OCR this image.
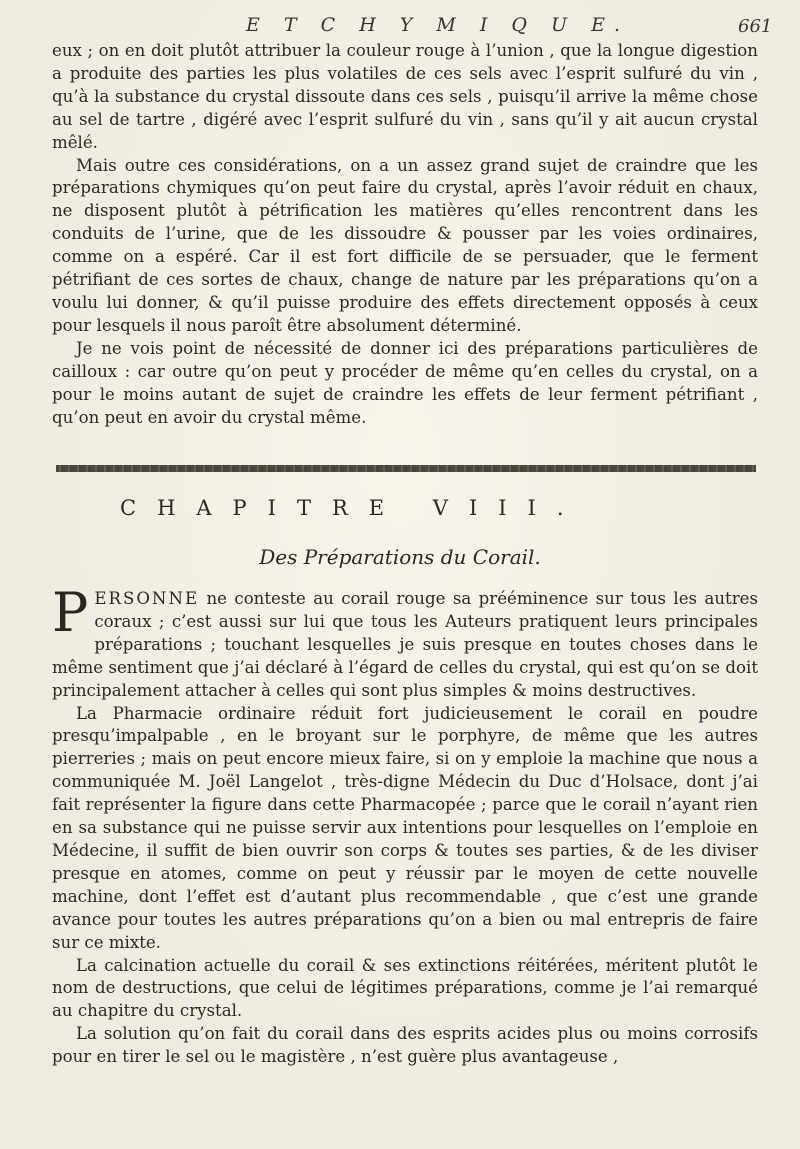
E T C H Y M I Q U E.	661

eux ; on en doit plutôt attribuer la couleur rouge à l’union , que la longue digestion a produite des parties les plus volatiles de ces sels avec l’esprit sulfuré du vin , qu’à la substance du crystal dissoute dans ces sels , puisqu’il arrive la même chose au sel de tartre , digéré avec l’esprit sulfuré du vin , sans qu’il y ait aucun crystal mêlé.

Mais outre ces considérations, on a un assez grand sujet de craindre que les préparations chymiques qu’on peut faire du crystal, après l’avoir réduit en chaux, ne disposent plutôt à pétrification les matières qu’elles rencontrent dans les conduits de l’urine, que de les dissoudre & pousser par les voies ordinaires, comme on a espéré. Car il est fort difficile de se persuader, que le ferment pétrifiant de ces sortes de chaux, change de nature par les préparations qu’on a voulu lui donner, & qu’il puisse produire des effets directement opposés à ceux pour lesquels il nous paroît être absolument déterminé.

Je ne vois point de nécessité de donner ici des préparations particulières de cailloux : car outre qu’on peut y procéder de même qu’en celles du crystal, on a pour le moins autant de sujet de craindre les effets de leur ferment pétrifiant , qu’on peut en avoir du crystal même.

CHAPITRE VIII.
Des Préparations du Corail.

PERSONNE ne conteste au corail rouge sa prééminence sur tous les autres coraux ; c’est aussi sur lui que tous les Auteurs pratiquent leurs principales préparations ; touchant lesquelles je suis presque en toutes choses dans le même sentiment que j’ai déclaré à l’égard de celles du crystal, qui est qu’on se doit principalement attacher à celles qui sont plus simples & moins destructives.

La Pharmacie ordinaire réduit fort judicieusement le corail en poudre presqu’impalpable , en le broyant sur le porphyre, de même que les autres pierreries ; mais on peut encore mieux faire, si on y emploie la machine que nous a communiquée M. Joël Langelot , très-digne Médecin du Duc d’Holsace, dont j’ai fait représenter la figure dans cette Pharmacopée ; parce que le corail n’ayant rien en sa substance qui ne puisse servir aux intentions pour lesquelles on l’emploie en Médecine, il suffit de bien ouvrir son corps & toutes ses parties, & de les diviser presque en atomes, comme on peut y réussir par le moyen de cette nouvelle machine, dont l’effet est d’autant plus recommendable , que c’est une grande avance pour toutes les autres préparations qu’on a bien ou mal entrepris de faire sur ce mixte.

La calcination actuelle du corail & ses extinctions réitérées, méritent plutôt le nom de destructions, que celui de légitimes préparations, comme je l’ai remarqué au chapitre du crystal.

La solution qu’on fait du corail dans des esprits acides plus ou moins corrosifs pour en tirer le sel ou le magistère , n’est guère plus avantageuse ,
